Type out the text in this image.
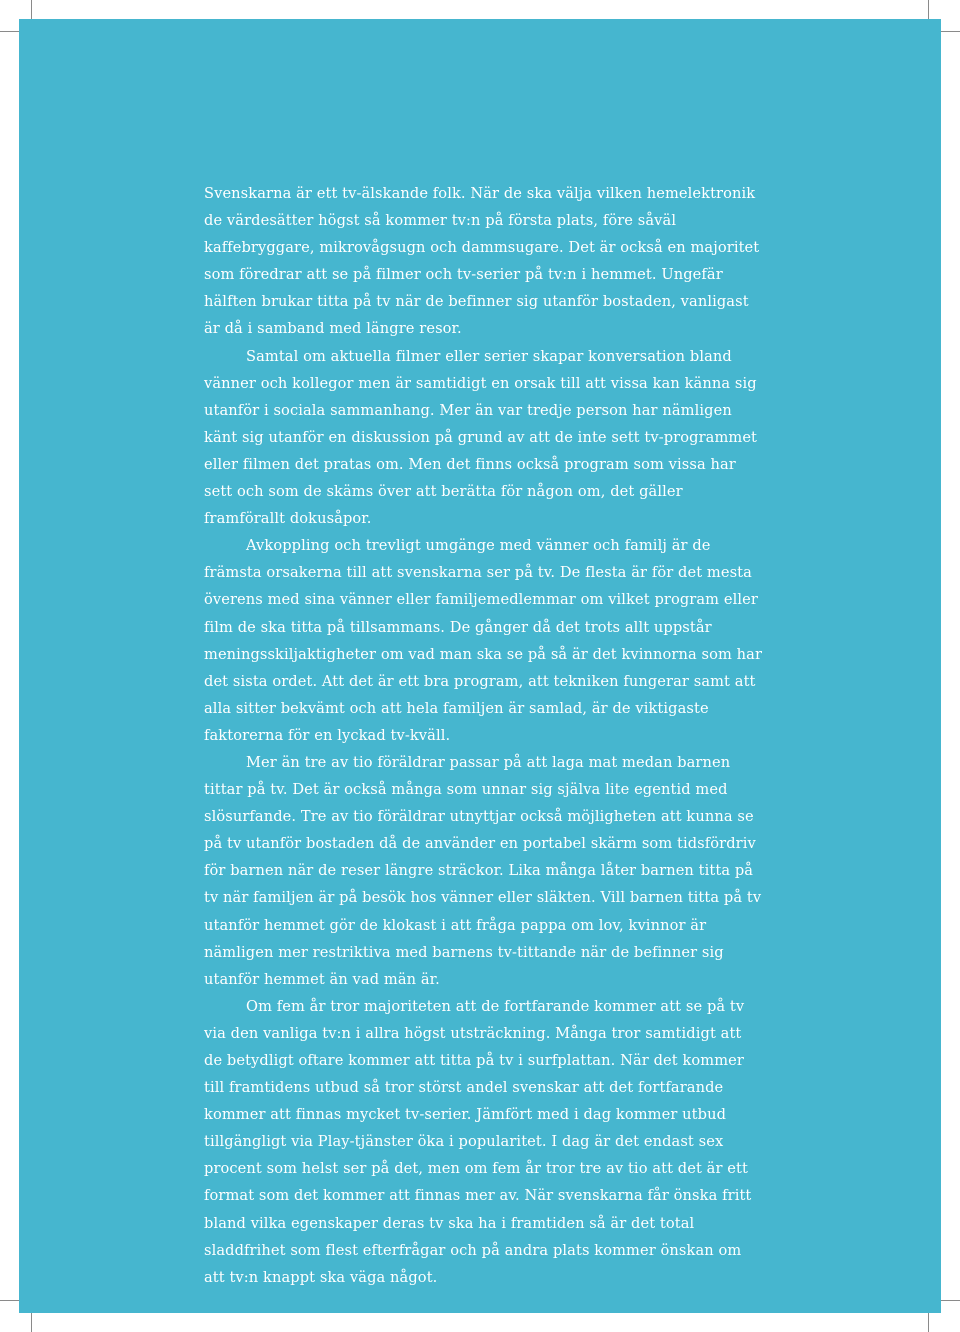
Svenskarna är ett tv-älskande folk. När de ska välja vilken hemelektronik de värdesätter högst så kommer tv:n på första plats, före såväl kaffebryggare, mikrovågsugn och dammsugare. Det är också en majoritet som föredrar att se på filmer och tv-serier på tv:n i hemmet. Ungefär hälften brukar titta på tv när de befinner sig utanför bostaden, vanligast är då i samband med längre resor.

Samtal om aktuella filmer eller serier skapar konversation bland vänner och kollegor men är samtidigt en orsak till att vissa kan känna sig utanför i sociala sammanhang. Mer än var tredje person har nämligen känt sig utanför en diskussion på grund av att de inte sett tv-programmet eller filmen det pratas om. Men det finns också program som vissa har sett och som de skäms över att berätta för någon om, det gäller framförallt dokusåpor.

Avkoppling och trevligt umgänge med vänner och familj är de främsta orsakerna till att svenskarna ser på tv. De flesta är för det mesta överens med sina vänner eller familjemedlemmar om vilket program eller film de ska titta på tillsammans. De gånger då det trots allt uppstår meningsskiljaktigheter om vad man ska se på så är det kvinnorna som har det sista ordet. Att det är ett bra program, att tekniken fungerar samt att alla sitter bekvämt och att hela familjen är samlad, är de viktigaste faktorerna för en lyckad tv-kväll.

Mer än tre av tio föräldrar passar på att laga mat medan barnen tittar på tv. Det är också många som unnar sig själva lite egentid med slösurfande. Tre av tio föräldrar utnyttjar också möjligheten att kunna se på tv utanför bostaden då de använder en portabel skärm som tidsfördriv för barnen när de reser längre sträckor. Lika många låter barnen titta på tv när familjen är på besök hos vänner eller släkten. Vill barnen titta på tv utanför hemmet gör de klokast i att fråga pappa om lov, kvinnor är nämligen mer restriktiva med barnens tv-tittande när de befinner sig utanför hemmet än vad män är.

Om fem år tror majoriteten att de fortfarande kommer att se på tv via den vanliga tv:n i allra högst utsträckning. Många tror samtidigt att de betydligt oftare kommer att titta på tv i surfplattan. När det kommer till framtidens utbud så tror störst andel svenskar att det fortfarande kommer att finnas mycket tv-serier. Jämfört med i dag kommer utbud tillgängligt via Play-tjänster öka i popularitet. I dag är det endast sex procent som helst ser på det, men om fem år tror tre av tio att det är ett format som det kommer att finnas mer av. När svenskarna får önska fritt bland vilka egenskaper deras tv ska ha i framtiden så är det total sladdfrihet som flest efterfrågar och på andra plats kommer önskan om att tv:n knappt ska väga något.
